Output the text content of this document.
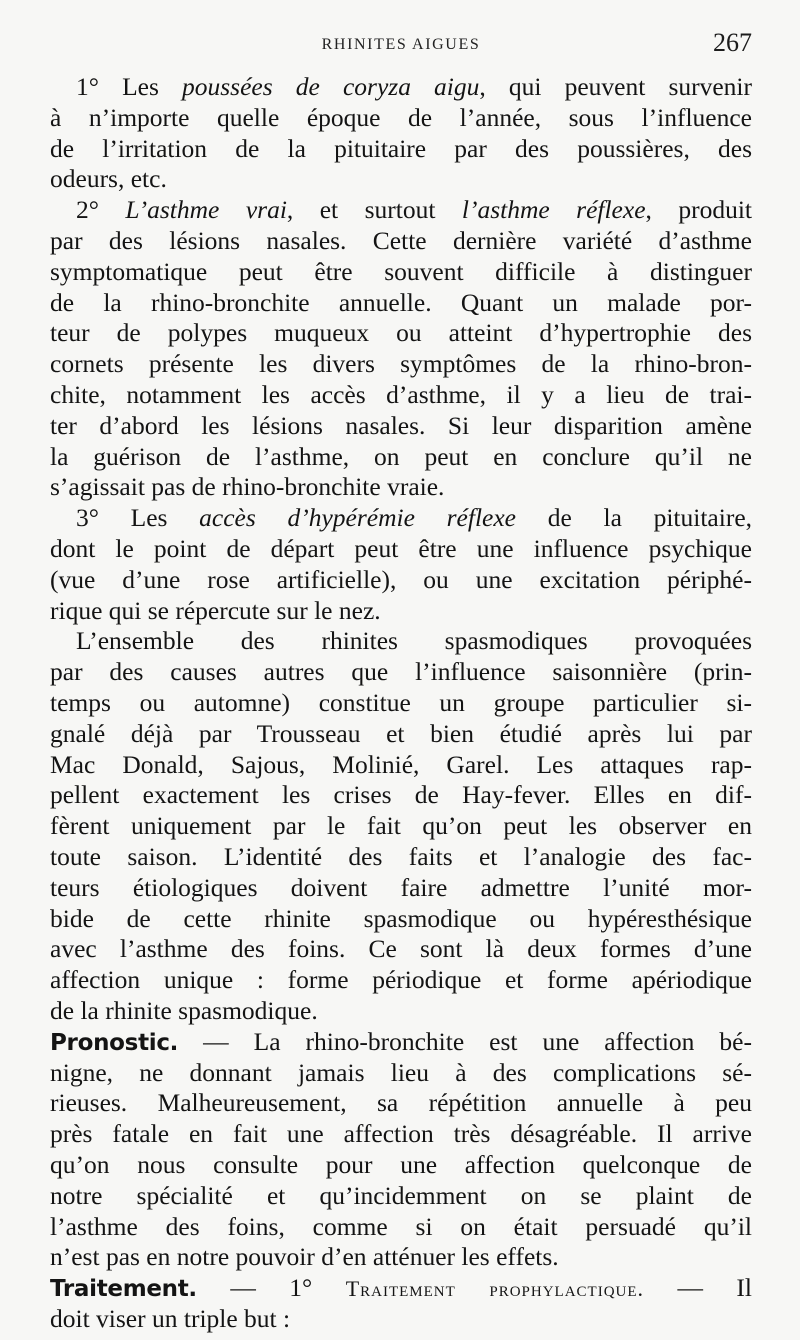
RHINITES AIGUES	267
1° Les poussées de coryza aigu, qui peuvent survenir
à n’importe quelle époque de l’année, sous l’influence
de l’irritation de la pituitaire par des poussières, des
odeurs, etc.
2° L’asthme vrai, et surtout l’asthme réflexe, produit
par des lésions nasales. Cette dernière variété d’asthme
symptomatique peut être souvent difficile à distinguer
de la rhino-bronchite annuelle. Quant un malade por-
teur de polypes muqueux ou atteint d’hypertrophie des
cornets présente les divers symptômes de la rhino-bron-
chite, notamment les accès d’asthme, il y a lieu de trai-
ter d’abord les lésions nasales. Si leur disparition amène
la guérison de l’asthme, on peut en conclure qu’il ne
s’agissait pas de rhino-bronchite vraie.
3° Les accès d’hypérémie réflexe de la pituitaire,
dont le point de départ peut être une influence psychique
(vue d’une rose artificielle), ou une excitation périphé-
rique qui se répercute sur le nez.
L’ensemble des rhinites spasmodiques provoquées
par des causes autres que l’influence saisonnière (prin-
temps ou automne) constitue un groupe particulier si-
gnalé déjà par Trousseau et bien étudié après lui par
Mac Donald, Sajous, Molinié, Garel. Les attaques rap-
pellent exactement les crises de Hay-fever. Elles en dif-
fèrent uniquement par le fait qu’on peut les observer en
toute saison. L’identité des faits et l’analogie des fac-
teurs étiologiques doivent faire admettre l’unité mor-
bide de cette rhinite spasmodique ou hypéresthésique
avec l’asthme des foins. Ce sont là deux formes d’une
affection unique : forme périodique et forme apériodique
de la rhinite spasmodique.
Pronostic. — La rhino-bronchite est une affection bé-
nigne, ne donnant jamais lieu à des complications sé-
rieuses. Malheureusement, sa répétition annuelle à peu
près fatale en fait une affection très désagréable. Il arrive
qu’on nous consulte pour une affection quelconque de
notre spécialité et qu’incidemment on se plaint de
l’asthme des foins, comme si on était persuadé qu’il
n’est pas en notre pouvoir d’en atténuer les effets.
Traitement. — 1° Traitement prophylactique. — Il
doit viser un triple but :
